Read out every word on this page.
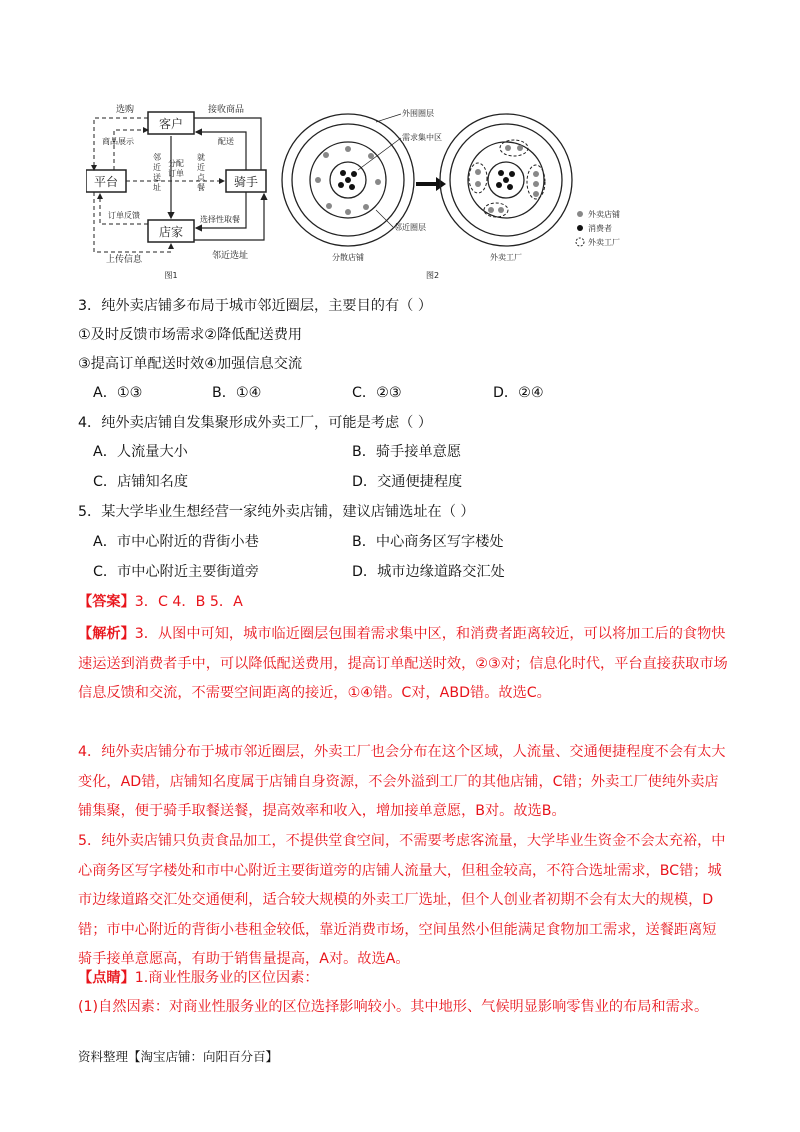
客户
平台	骑手
店家
选购
商品展示
接收商品
配送
邻近送址
分配订单
就近点餐
订单反馈
上传信息
选择性取餐
邻近选址
图1
分散店铺
外围圈层
需求集中区
邻近圈层
外卖工厂
图2
外卖店铺
消费者
外卖工厂
3．纯外卖店铺多布局于城市邻近圈层，主要目的有（ ）
①及时反馈市场需求②降低配送费用
③提高订单配送时效④加强信息交流
A．①③	B．①④	C．②③	D．②④
4．纯外卖店铺自发集聚形成外卖工厂，可能是考虑（ ）
A．人流量大小	B．骑手接单意愿
C．店铺知名度	D．交通便捷程度
5．某大学毕业生想经营一家纯外卖店铺，建议店铺选址在（ ）
A．市中心附近的背街小巷	B．中心商务区写字楼处
C．市中心附近主要街道旁	D．城市边缘道路交汇处
【答案】3．C 4．B 5．A
【解析】3．从图中可知，城市临近圈层包围着需求集中区，和消费者距离较近，可以将加工后的食物快速运送到消费者手中，可以降低配送费用，提高订单配送时效，②③对；信息化时代，平台直接获取市场信息反馈和交流，不需要空间距离的接近，①④错。C对，ABD错。故选C。
4．纯外卖店铺分布于城市邻近圈层，外卖工厂也会分布在这个区域，人流量、交通便捷程度不会有太大变化，AD错，店铺知名度属于店铺自身资源，不会外溢到工厂的其他店铺，C错；外卖工厂使纯外卖店铺集聚，便于骑手取餐送餐，提高效率和收入，增加接单意愿，B对。故选B。
5．纯外卖店铺只负责食品加工，不提供堂食空间，不需要考虑客流量，大学毕业生资金不会太充裕，中心商务区写字楼处和市中心附近主要街道旁的店铺人流量大，但租金较高，不符合选址需求，BC错；城市边缘道路交汇处交通便利，适合较大规模的外卖工厂选址，但个人创业者初期不会有太大的规模，D错；市中心附近的背街小巷租金较低，靠近消费市场，空间虽然小但能满足食物加工需求，送餐距离短骑手接单意愿高，有助于销售量提高，A对。故选A。
【点睛】1.商业性服务业的区位因素：
(1)自然因素：对商业性服务业的区位选择影响较小。其中地形、气候明显影响零售业的布局和需求。
资料整理【淘宝店铺：向阳百分百】
